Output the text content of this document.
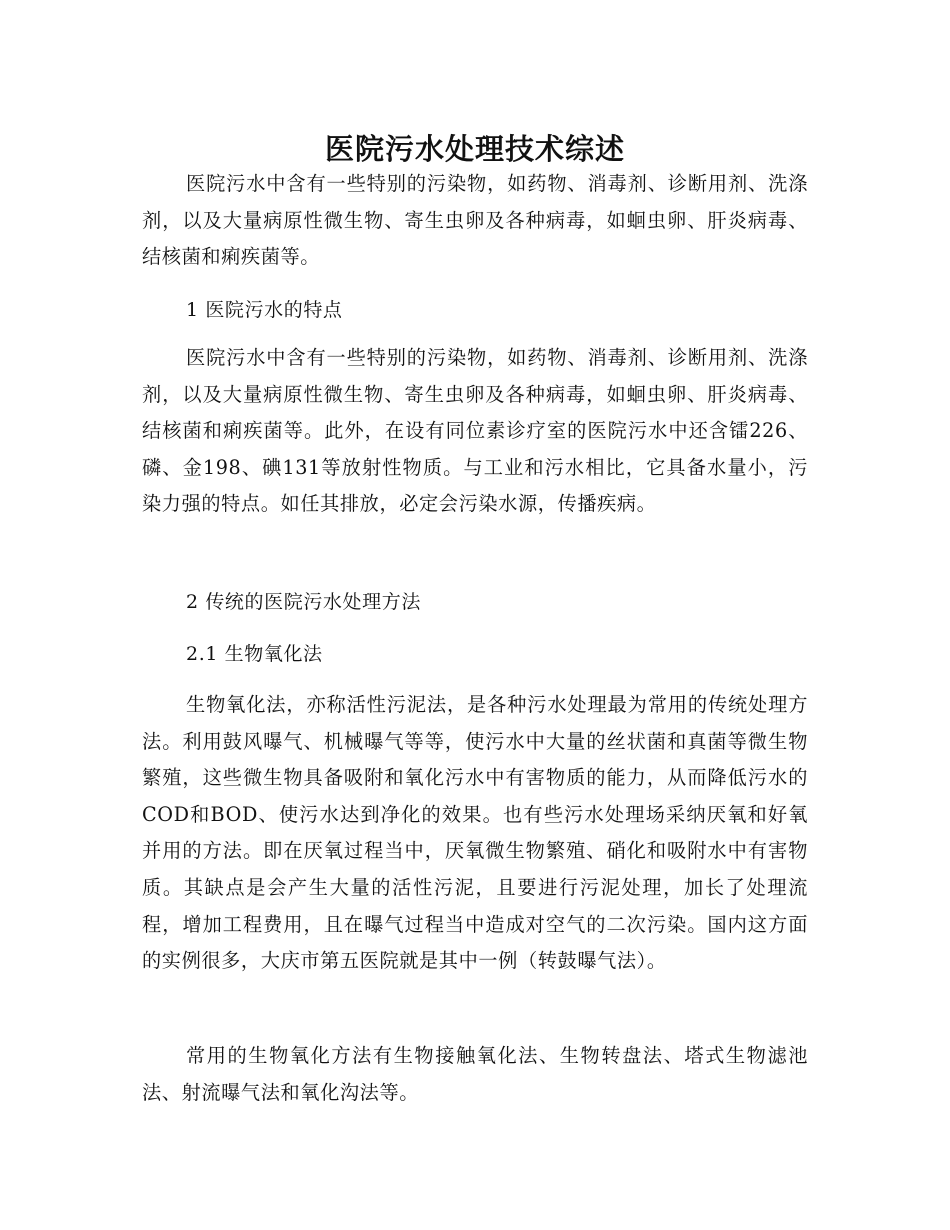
医院污水处理技术综述

医院污水中含有一些特别的污染物，如药物、消毒剂、诊断用剂、洗涤剂，以及大量病原性微生物、寄生虫卵及各种病毒，如蛔虫卵、肝炎病毒、结核菌和痢疾菌等。

1 医院污水的特点

医院污水中含有一些特别的污染物，如药物、消毒剂、诊断用剂、洗涤剂，以及大量病原性微生物、寄生虫卵及各种病毒，如蛔虫卵、肝炎病毒、结核菌和痢疾菌等。此外，在设有同位素诊疗室的医院污水中还含镭226、磷、金198、碘131等放射性物质。与工业和污水相比，它具备水量小，污染力强的特点。如任其排放，必定会污染水源，传播疾病。

2 传统的医院污水处理方法

2.1 生物氧化法

生物氧化法，亦称活性污泥法，是各种污水处理最为常用的传统处理方法。利用鼓风曝气、机械曝气等等，使污水中大量的丝状菌和真菌等微生物繁殖，这些微生物具备吸附和氧化污水中有害物质的能力，从而降低污水的COD和BOD、使污水达到净化的效果。也有些污水处理场采纳厌氧和好氧并用的方法。即在厌氧过程当中，厌氧微生物繁殖、硝化和吸附水中有害物质。其缺点是会产生大量的活性污泥，且要进行污泥处理，加长了处理流程，增加工程费用，且在曝气过程当中造成对空气的二次污染。国内这方面的实例很多，大庆市第五医院就是其中一例（转鼓曝气法）。

常用的生物氧化方法有生物接触氧化法、生物转盘法、塔式生物滤池法、射流曝气法和氧化沟法等。
